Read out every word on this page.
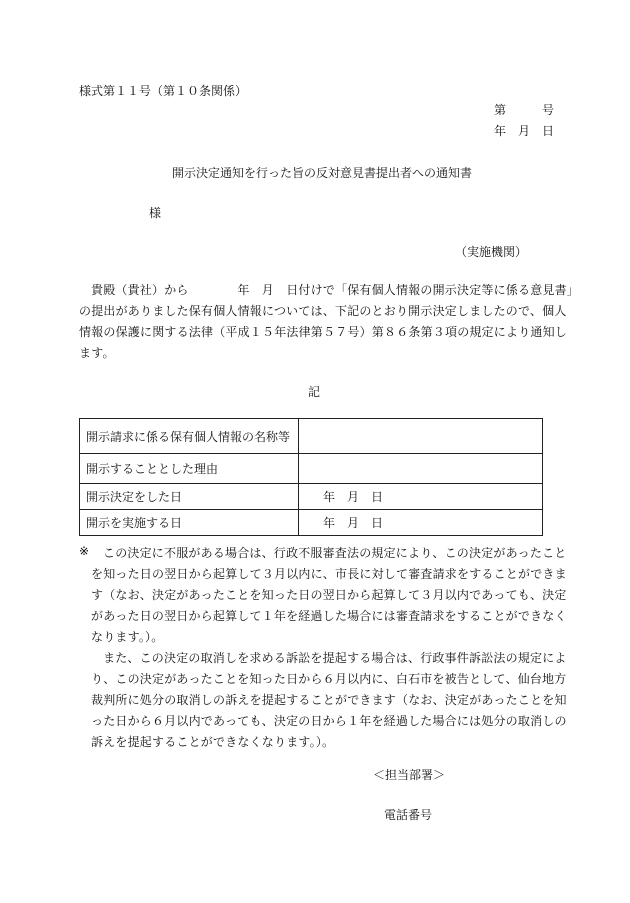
様式第１１号（第１０条関係）
第　　　号
年　月　日
開示決定通知を行った旨の反対意見書提出者への通知書
様
（実施機関）
貴殿（貴社）から　　　　年　月　日付けで「保有個人情報の開示決定等に係る意見書」
の提出がありました保有個人情報については、下記のとおり開示決定しましたので、個人
情報の保護に関する法律（平成１５年法律第５７号）第８６条第３項の規定により通知し
ます。
記
開示請求に係る保有個人情報の名称等	
開示することとした理由	
開示決定をした日	年　月　日
開示を実施する日	年　月　日
※ この決定に不服がある場合は、行政不服審査法の規定により、この決定があったこと
を知った日の翌日から起算して３月以内に、市長に対して審査請求をすることができま
す（なお、決定があったことを知った日の翌日から起算して３月以内であっても、決定
があった日の翌日から起算して１年を経過した場合には審査請求をすることができなく
なります。）。
また、この決定の取消しを求める訴訟を提起する場合は、行政事件訴訟法の規定によ
り、この決定があったことを知った日から６月以内に、白石市を被告として、仙台地方
裁判所に処分の取消しの訴えを提起することができます（なお、決定があったことを知
った日から６月以内であっても、決定の日から１年を経過した場合には処分の取消しの
訴えを提起することができなくなります。）。
＜担当部署＞
電話番号
